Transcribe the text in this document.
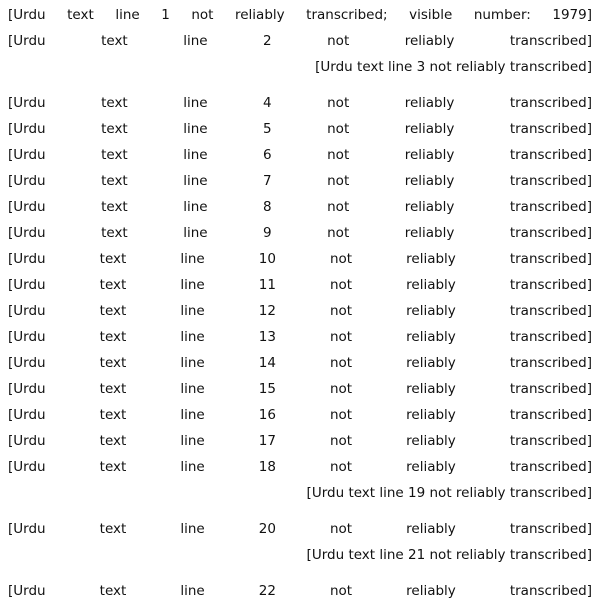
[Urdu text line 1 not reliably transcribed; visible number: 1979]
[Urdu text line 2 not reliably transcribed]
[Urdu text line 3 not reliably transcribed]
[Urdu text line 4 not reliably transcribed]
[Urdu text line 5 not reliably transcribed]
[Urdu text line 6 not reliably transcribed]
[Urdu text line 7 not reliably transcribed]
[Urdu text line 8 not reliably transcribed]
[Urdu text line 9 not reliably transcribed]
[Urdu text line 10 not reliably transcribed]
[Urdu text line 11 not reliably transcribed]
[Urdu text line 12 not reliably transcribed]
[Urdu text line 13 not reliably transcribed]
[Urdu text line 14 not reliably transcribed]
[Urdu text line 15 not reliably transcribed]
[Urdu text line 16 not reliably transcribed]
[Urdu text line 17 not reliably transcribed]
[Urdu text line 18 not reliably transcribed]
[Urdu text line 19 not reliably transcribed]
[Urdu text line 20 not reliably transcribed]
[Urdu text line 21 not reliably transcribed]
[Urdu text line 22 not reliably transcribed]
